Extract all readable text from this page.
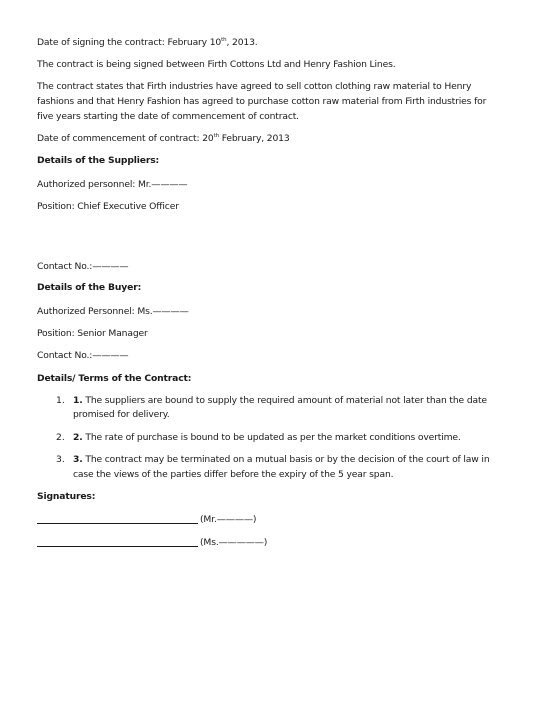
Date of signing the contract: February 10th, 2013.
The contract is being signed between Firth Cottons Ltd and Henry Fashion Lines.
The contract states that Firth industries have agreed to sell cotton clothing raw material to Henry
fashions and that Henry Fashion has agreed to purchase cotton raw material from Firth industries for
five years starting the date of commencement of contract.
Date of commencement of contract: 20th February, 2013
Details of the Suppliers:
Authorized personnel: Mr.————
Position: Chief Executive Officer
Contact No.:————
Details of the Buyer:
Authorized Personnel: Ms.————
Position: Senior Manager
Contact No.:————
Details/ Terms of the Contract:
1. 1. The suppliers are bound to supply the required amount of material not later than the date
promised for delivery.
2. 2. The rate of purchase is bound to be updated as per the market conditions overtime.
3. 3. The contract may be terminated on a mutual basis or by the decision of the court of law in
case the views of the parties differ before the expiry of the 5 year span.
Signatures:
(Mr.————)
(Ms.—————)
